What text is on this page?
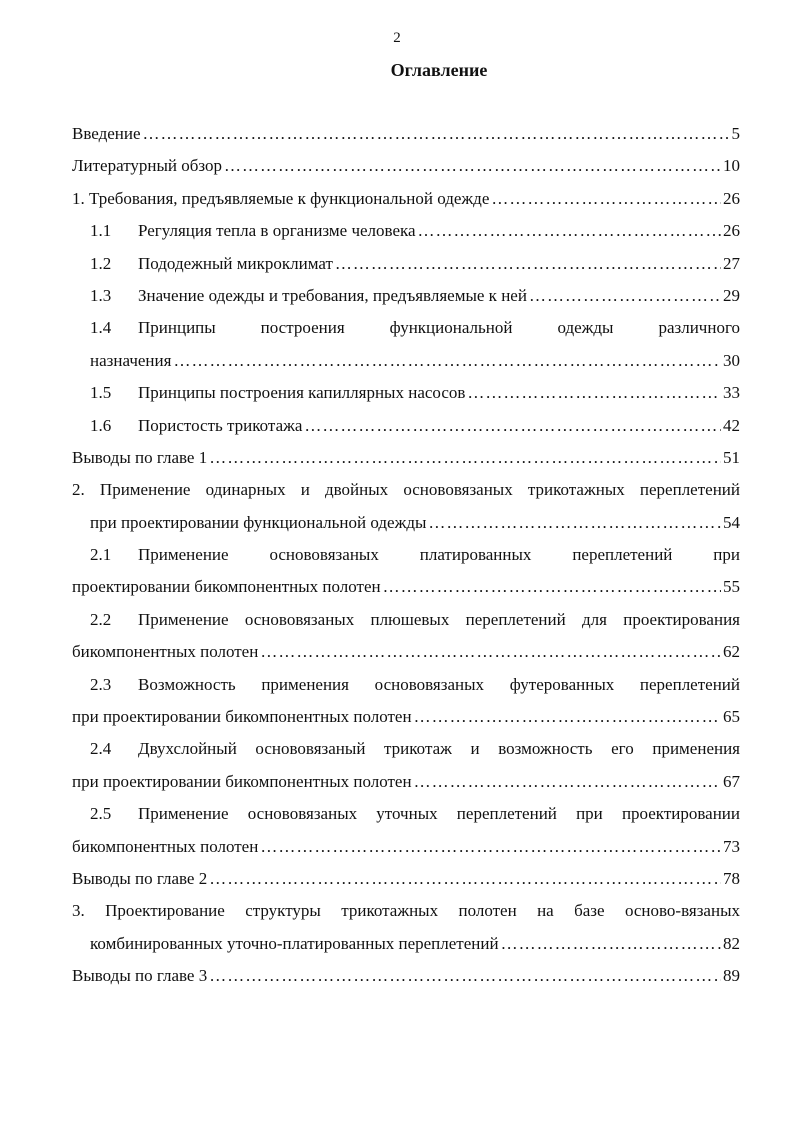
2
Оглавление
Введение …………………………………………………………………………………………………………………………………………………………………………………	5
Литературный обзор …………………………………………………………………………………………………………………………………………………………………………………	10
1. Требования, предъявляемые к функциональной одежде …………………………………………………………………………………………………………………………………………………………………………………	26
1.1 Регуляция тепла в организме человека …………………………………………………………………………………………………………………………………………………………………………………	26
1.2 Пододежный микроклимат …………………………………………………………………………………………………………………………………………………………………………………	27
1.3 Значение одежды и требования, предъявляемые к ней …………………………………………………………………………………………………………………………………………………………………………………	29
1.4 Принципы построения функциональной одежды различного
назначения …………………………………………………………………………………………………………………………………………………………………………………	30
1.5 Принципы построения капиллярных насосов …………………………………………………………………………………………………………………………………………………………………………………	33
1.6 Пористость трикотажа …………………………………………………………………………………………………………………………………………………………………………………	42
Выводы по главе 1 …………………………………………………………………………………………………………………………………………………………………………………	51
2. Применение одинарных и двойных основовязаных трикотажных переплетений
при проектировании функциональной одежды …………………………………………………………………………………………………………………………………………………………………………………	54
2.1 Применение основовязаных платированных переплетений при
проектировании бикомпонентных полотен …………………………………………………………………………………………………………………………………………………………………………………	55
2.2 Применение основовязаных плюшевых переплетений для проектирования
бикомпонентных полотен …………………………………………………………………………………………………………………………………………………………………………………	62
2.3 Возможность применения основовязаных футерованных переплетений
при проектировании бикомпонентных полотен …………………………………………………………………………………………………………………………………………………………………………………	65
2.4 Двухслойный основовязаный трикотаж и возможность его применения
при проектировании бикомпонентных полотен …………………………………………………………………………………………………………………………………………………………………………………	67
2.5 Применение основовязаных уточных переплетений при проектировании
бикомпонентных полотен …………………………………………………………………………………………………………………………………………………………………………………	73
Выводы по главе 2 …………………………………………………………………………………………………………………………………………………………………………………	78
3. Проектирование структуры трикотажных полотен на базе осново-вязаных
комбинированных уточно-платированных переплетений …………………………………………………………………………………………………………………………………………………………………………………	82
Выводы по главе 3 …………………………………………………………………………………………………………………………………………………………………………………	89
